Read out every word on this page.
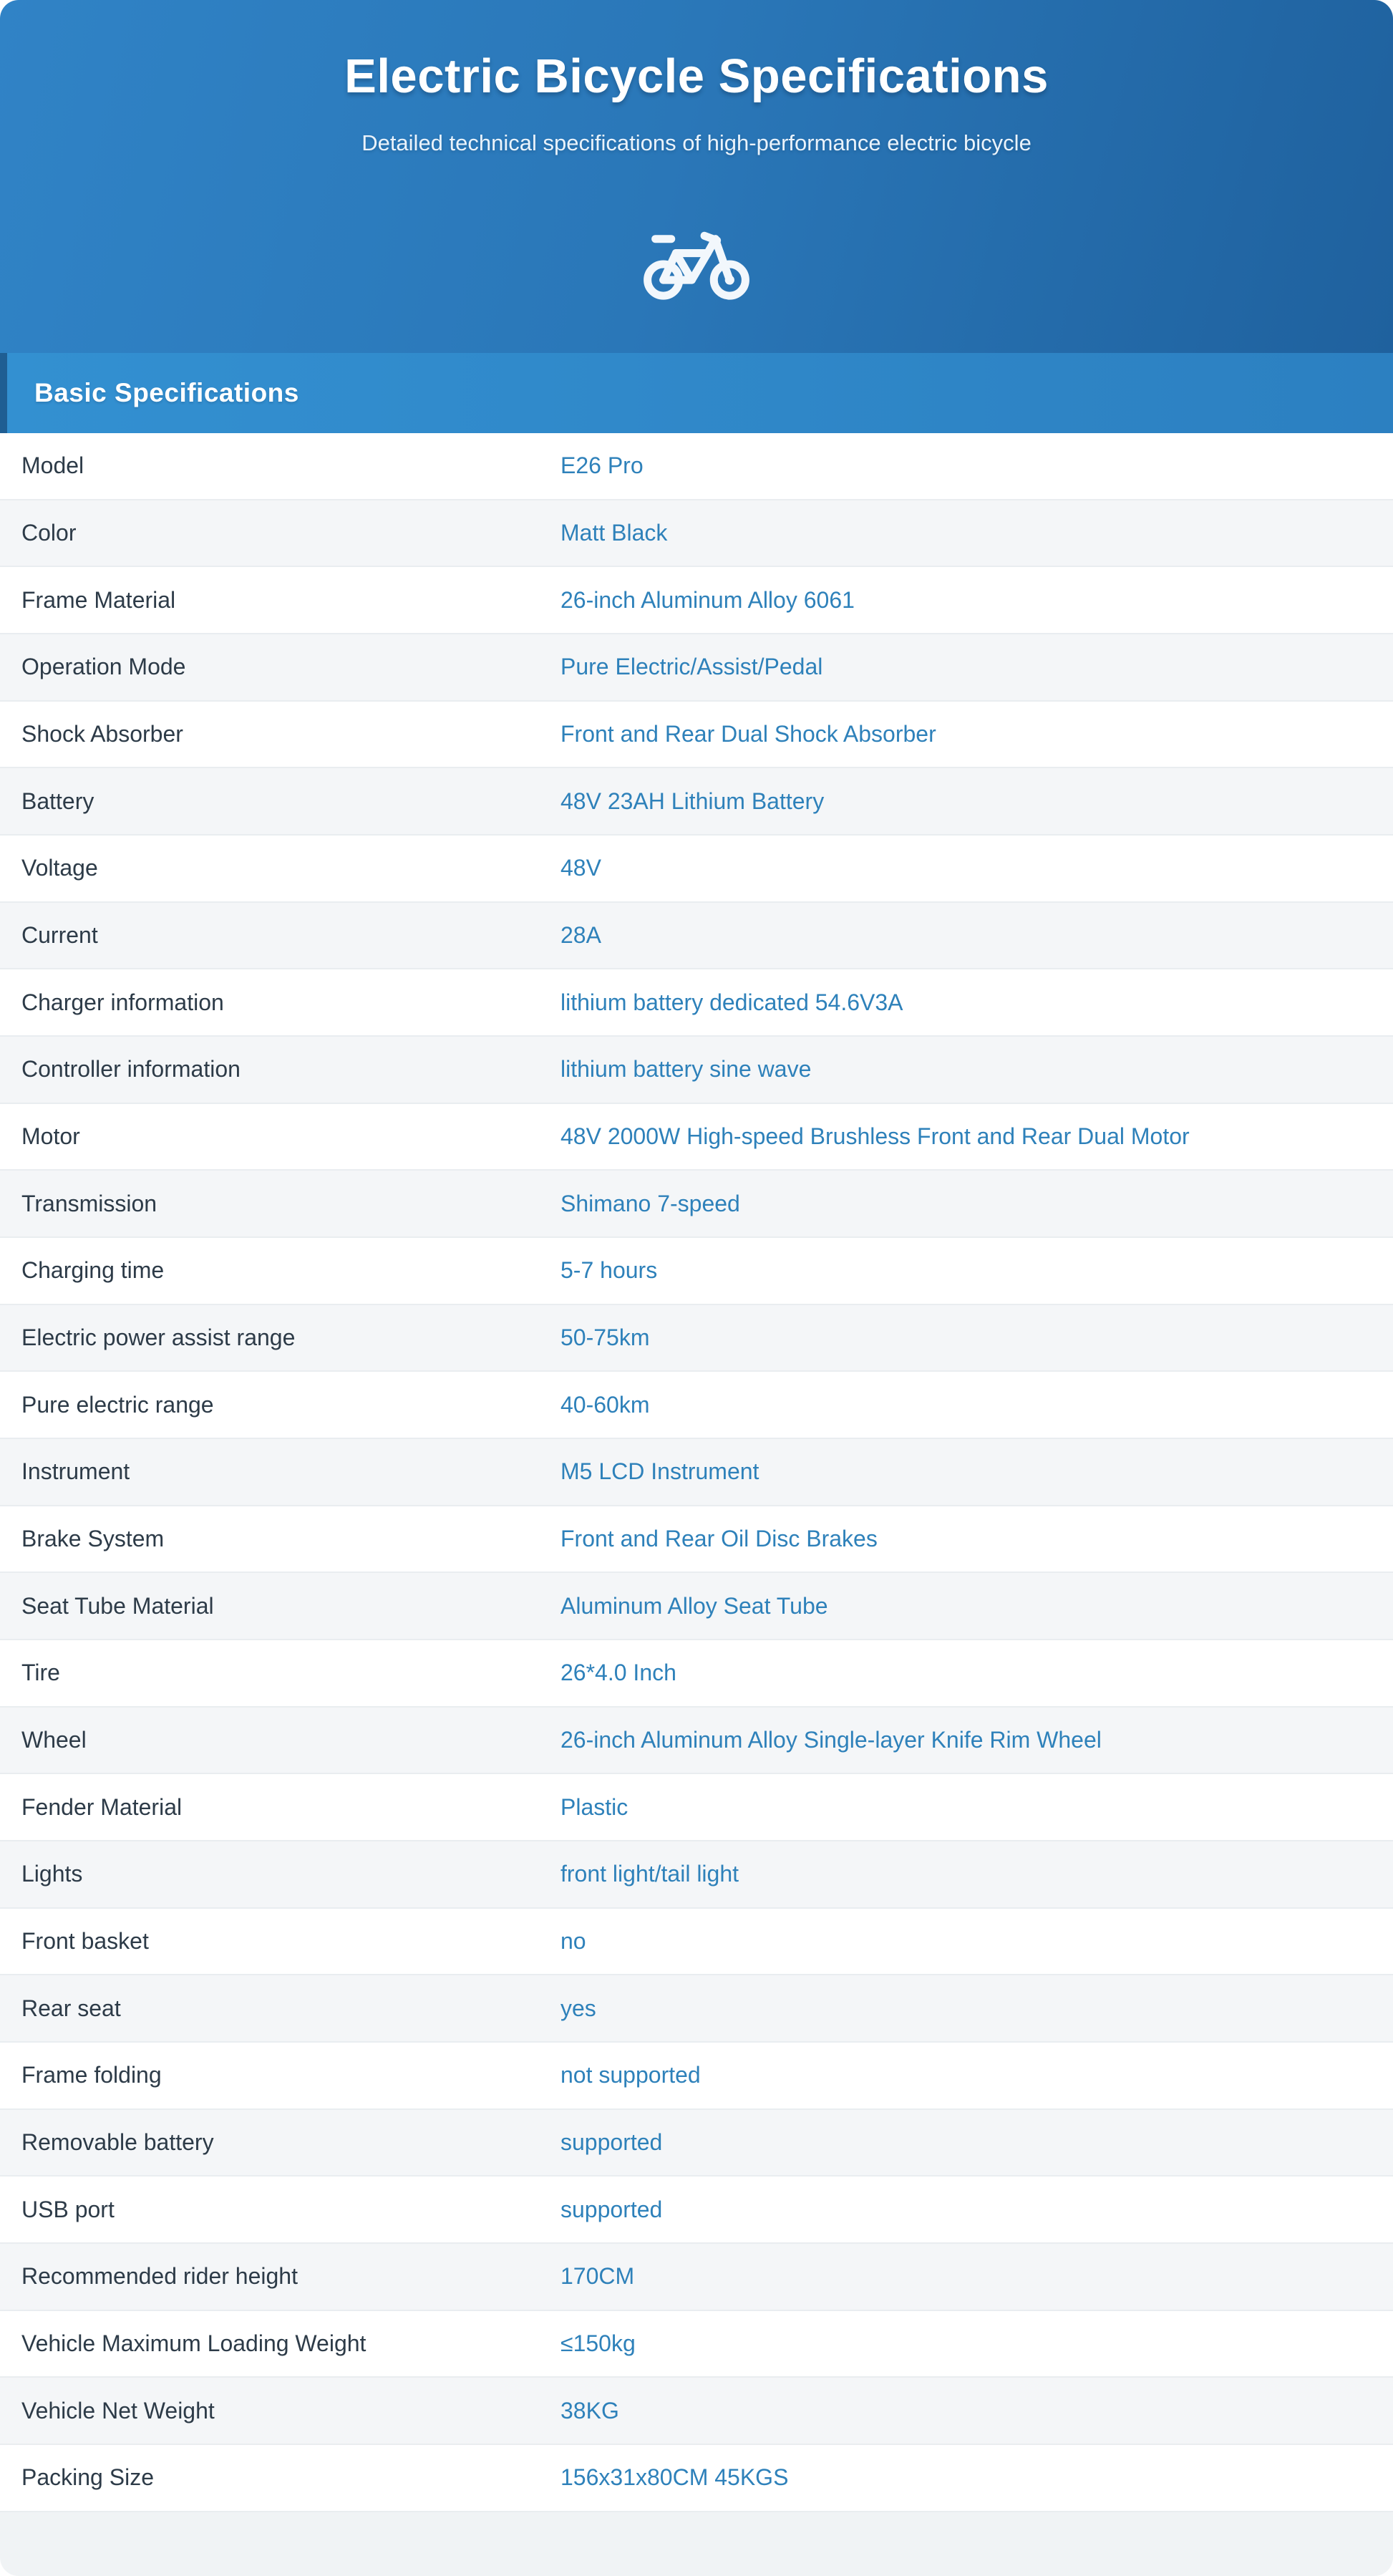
Electric Bicycle Specifications

Detailed technical specifications of high-performance electric bicycle

Basic Specifications
Model	E26 Pro
Color	Matt Black
Frame Material	26-inch Aluminum Alloy 6061
Operation Mode	Pure Electric/Assist/Pedal
Shock Absorber	Front and Rear Dual Shock Absorber
Battery	48V 23AH Lithium Battery
Voltage	48V
Current	28A
Charger information	lithium battery dedicated 54.6V3A
Controller information	lithium battery sine wave
Motor	48V 2000W High-speed Brushless Front and Rear Dual Motor
Transmission	Shimano 7-speed
Charging time	5-7 hours
Electric power assist range	50-75km
Pure electric range	40-60km
Instrument	M5 LCD Instrument
Brake System	Front and Rear Oil Disc Brakes
Seat Tube Material	Aluminum Alloy Seat Tube
Tire	26*4.0 Inch
Wheel	26-inch Aluminum Alloy Single-layer Knife Rim Wheel
Fender Material	Plastic
Lights	front light/tail light
Front basket	no
Rear seat	yes
Frame folding	not supported
Removable battery	supported
USB port	supported
Recommended rider height	170CM
Vehicle Maximum Loading Weight	≤150kg
Vehicle Net Weight	38KG
Packing Size	156x31x80CM 45KGS
